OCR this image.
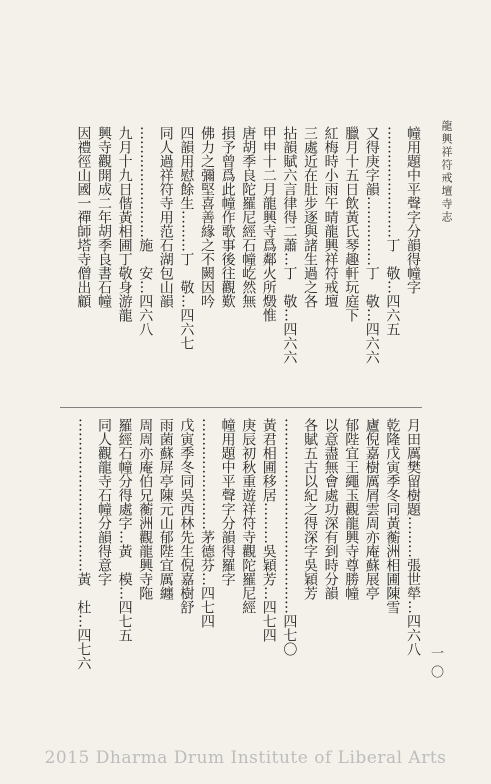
龍興祥符戒壇寺志
幢用題中平聲字分韻得幢字
……………………丁　敬…四六五
又得庚字韻……………丁　敬…四六六
臘月十五日飲黃氏琴趣軒玩庭下
紅梅時小雨午晴龍興祥符戒壇
三處近在肚步逐與諸生過之各
拈韻賦六言律得二蕭…丁　敬…四六六
甲申十二月龍興寺爲鄰火所燬惟
唐胡季良陀羅尼經石幢屹然無
損予曾爲此幢作歌事後往觀歎
佛力之彌堅喜善緣之不闕因吟
四韻用慰餘生………丁　敬…四六七
同人過祥符寺用范石湖包山韻
……………………施　安…四六八
九月十九日偕黃相圃丁敬身游龍
興寺觀開成二年胡季良書石幢
因禮徑山國一禪師塔寺僧出顧
月田厲樊留樹題………張世犖…四六八
乾隆戊寅季冬同黃蘅洲相圃陳雪
廬倪嘉樹厲屑雲周亦庵蘇展亭
郁陛宜王繩玉觀龍興寺尊勝幢
以意盡無會處功深有到時分韻
各賦五古以紀之得深字吳穎芳
……………………………………四七〇
黃君相圃移居………吳穎芳…四七四
庚辰初秋重遊祥符寺觀陀羅尼經
幢用題中平聲字分韻得羅字
……………………茅德芬…四七四
戊寅季冬同吳西林先生倪嘉樹舒
雨菌蘇屏亭陳元山郁陛宜厲纏
周周亦庵伯兄蘅洲觀龍興寺陁
羅經石幢分得處字…黃　模…四七五
同人觀龍寺石幢分韻得意字
……………………………黃　杜…四七六	一〇
2015 Dharma Drum Institute of Liberal Arts
